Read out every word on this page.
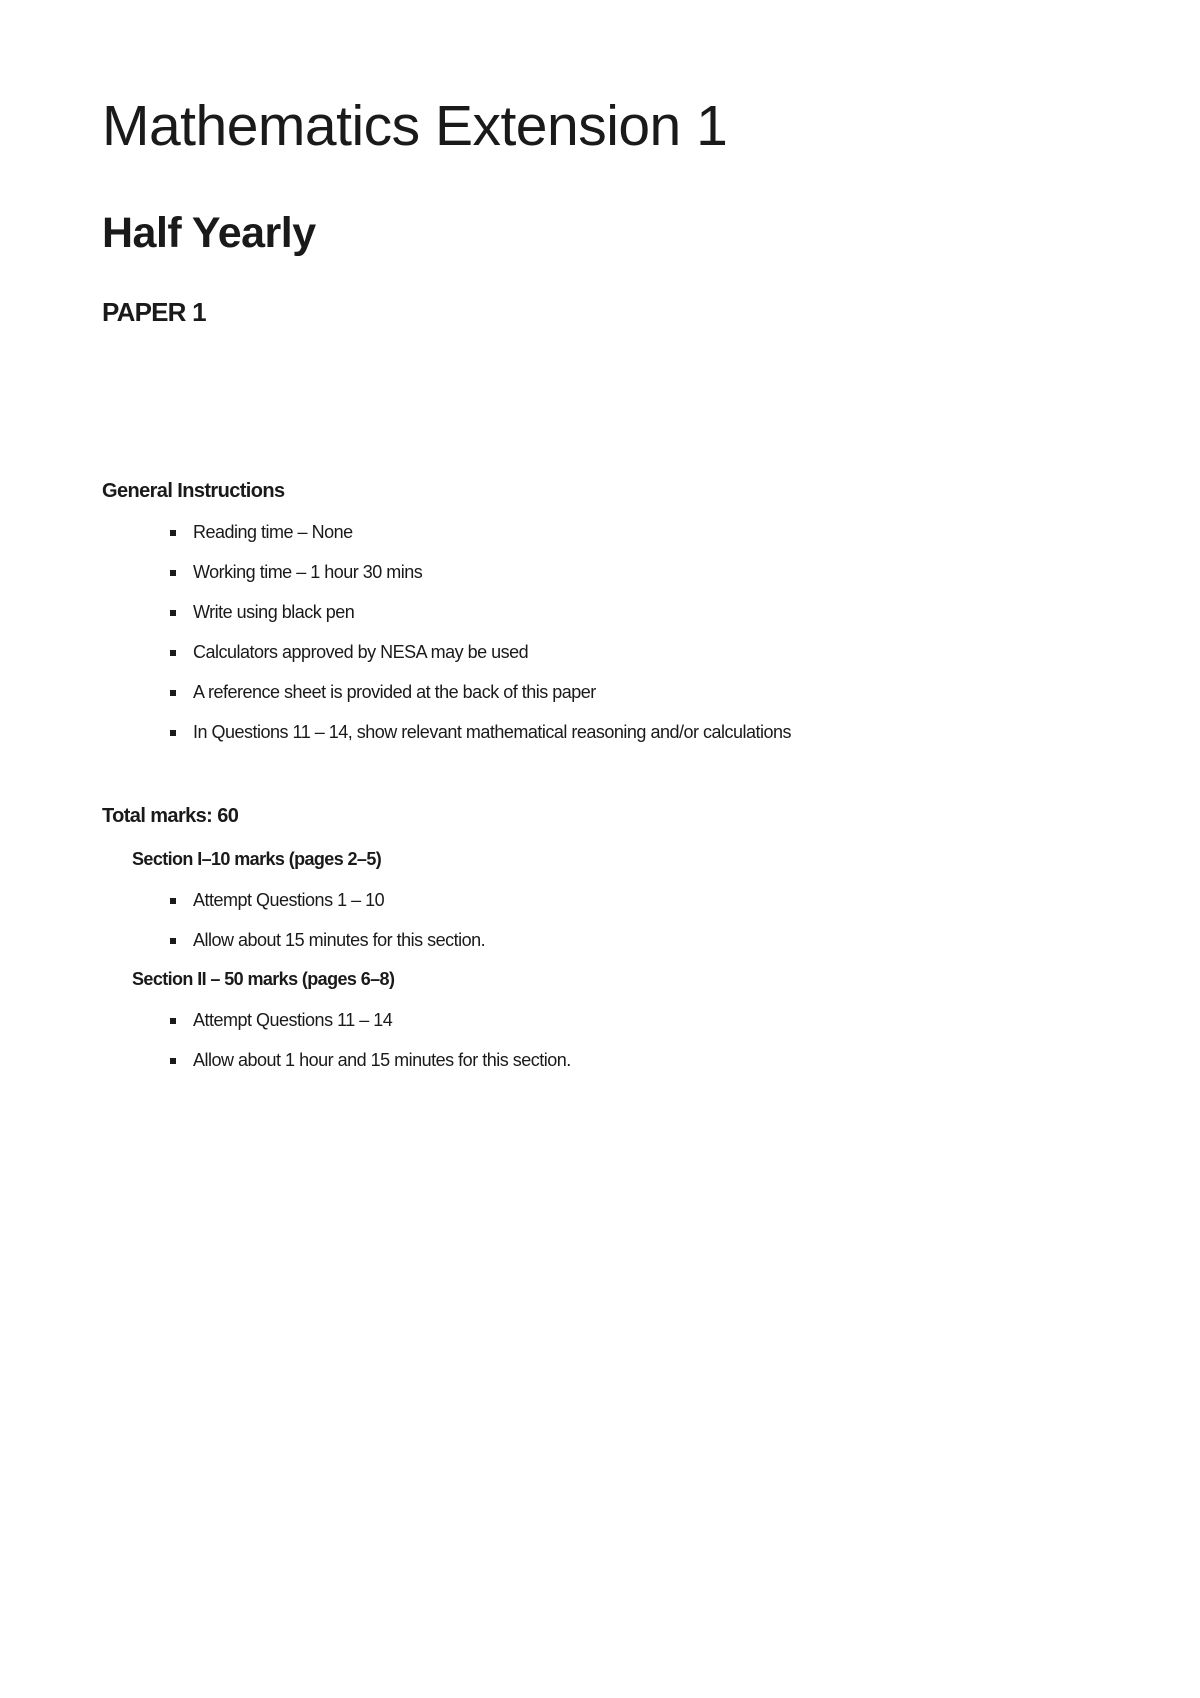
Mathematics Extension 1
Half Yearly
PAPER 1
General Instructions
Reading time – None
Working time – 1 hour 30 mins
Write using black pen
Calculators approved by NESA may be used
A reference sheet is provided at the back of this paper
In Questions 11 – 14, show relevant mathematical reasoning and/or calculations
Total marks: 60
Section I–10 marks (pages 2–5)
Attempt Questions 1 – 10
Allow about 15 minutes for this section.
Section II – 50 marks (pages 6–8)
Attempt Questions 11 – 14
Allow about 1 hour and 15 minutes for this section.
